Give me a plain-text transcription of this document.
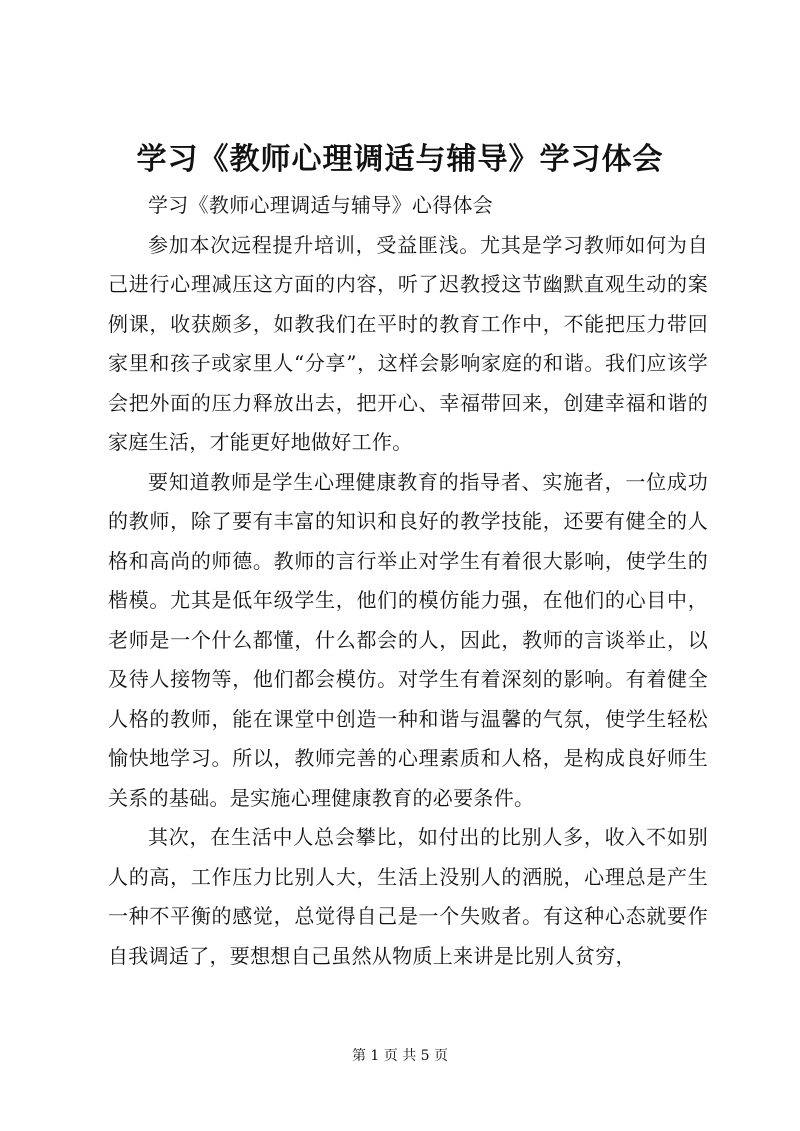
学习《教师心理调适与辅导》学习体会

学习《教师心理调适与辅导》心得体会

参加本次远程提升培训，受益匪浅。尤其是学习教师如何为自己进行心理减压这方面的内容，听了迟教授这节幽默直观生动的案例课，收获颇多，如教我们在平时的教育工作中，不能把压力带回家里和孩子或家里人“分享”，这样会影响家庭的和谐。我们应该学会把外面的压力释放出去，把开心、幸福带回来，创建幸福和谐的家庭生活，才能更好地做好工作。

要知道教师是学生心理健康教育的指导者、实施者，一位成功的教师，除了要有丰富的知识和良好的教学技能，还要有健全的人格和高尚的师德。教师的言行举止对学生有着很大影响，使学生的楷模。尤其是低年级学生，他们的模仿能力强，在他们的心目中，老师是一个什么都懂，什么都会的人，因此，教师的言谈举止，以及待人接物等，他们都会模仿。对学生有着深刻的影响。有着健全人格的教师，能在课堂中创造一种和谐与温馨的气氛，使学生轻松愉快地学习。所以，教师完善的心理素质和人格，是构成良好师生关系的基础。是实施心理健康教育的必要条件。

其次，在生活中人总会攀比，如付出的比别人多，收入不如别人的高，工作压力比别人大，生活上没别人的洒脱，心理总是产生一种不平衡的感觉，总觉得自己是一个失败者。有这种心态就要作自我调适了，要想想自己虽然从物质上来讲是比别人贫穷，

第 1 页 共 5 页
